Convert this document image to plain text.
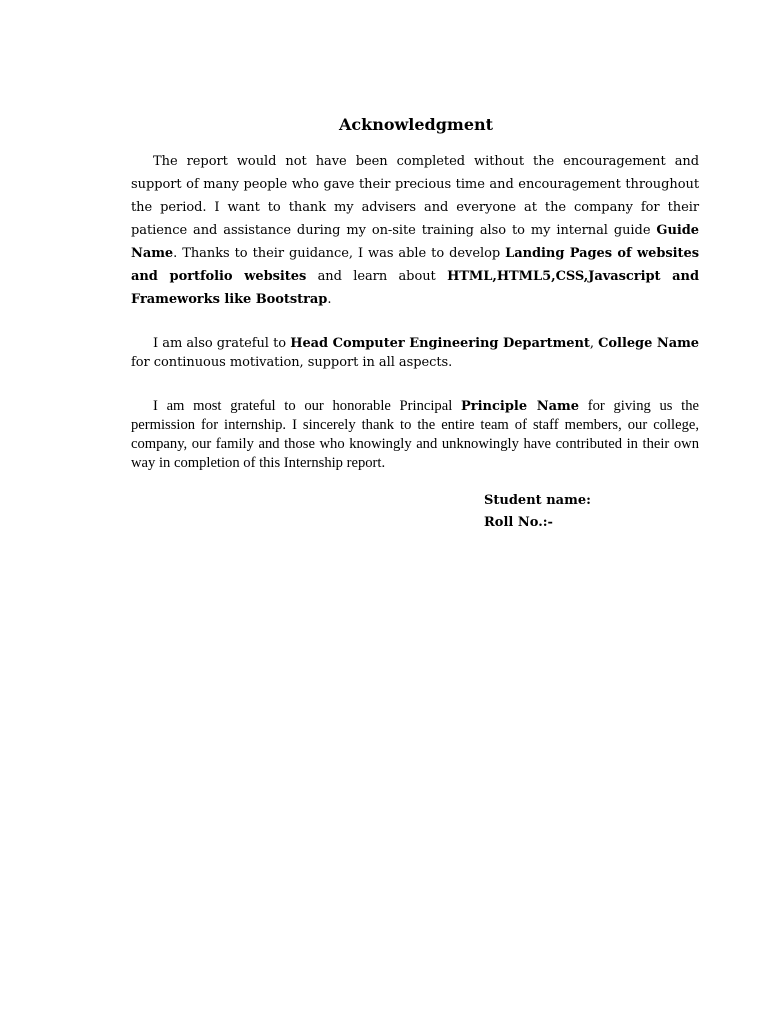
Acknowledgment

The report would not have been completed without the encouragement and support of many people who gave their precious time and encouragement throughout the period. I want to thank my advisers and everyone at the company for their patience and assistance during my on-site training also to my internal guide Guide Name. Thanks to their guidance, I was able to develop Landing Pages of websites and portfolio websites and learn about HTML,HTML5,CSS,Javascript and Frameworks like Bootstrap.

I am also grateful to Head Computer Engineering Department, College Name for continuous motivation, support in all aspects.

I am most grateful to our honorable Principal Principle Name for giving us the permission for internship. I sincerely thank to the entire team of staff members, our college, company, our family and those who knowingly and unknowingly have contributed in their own way in completion of this Internship report.

Student name:

Roll No.:-
